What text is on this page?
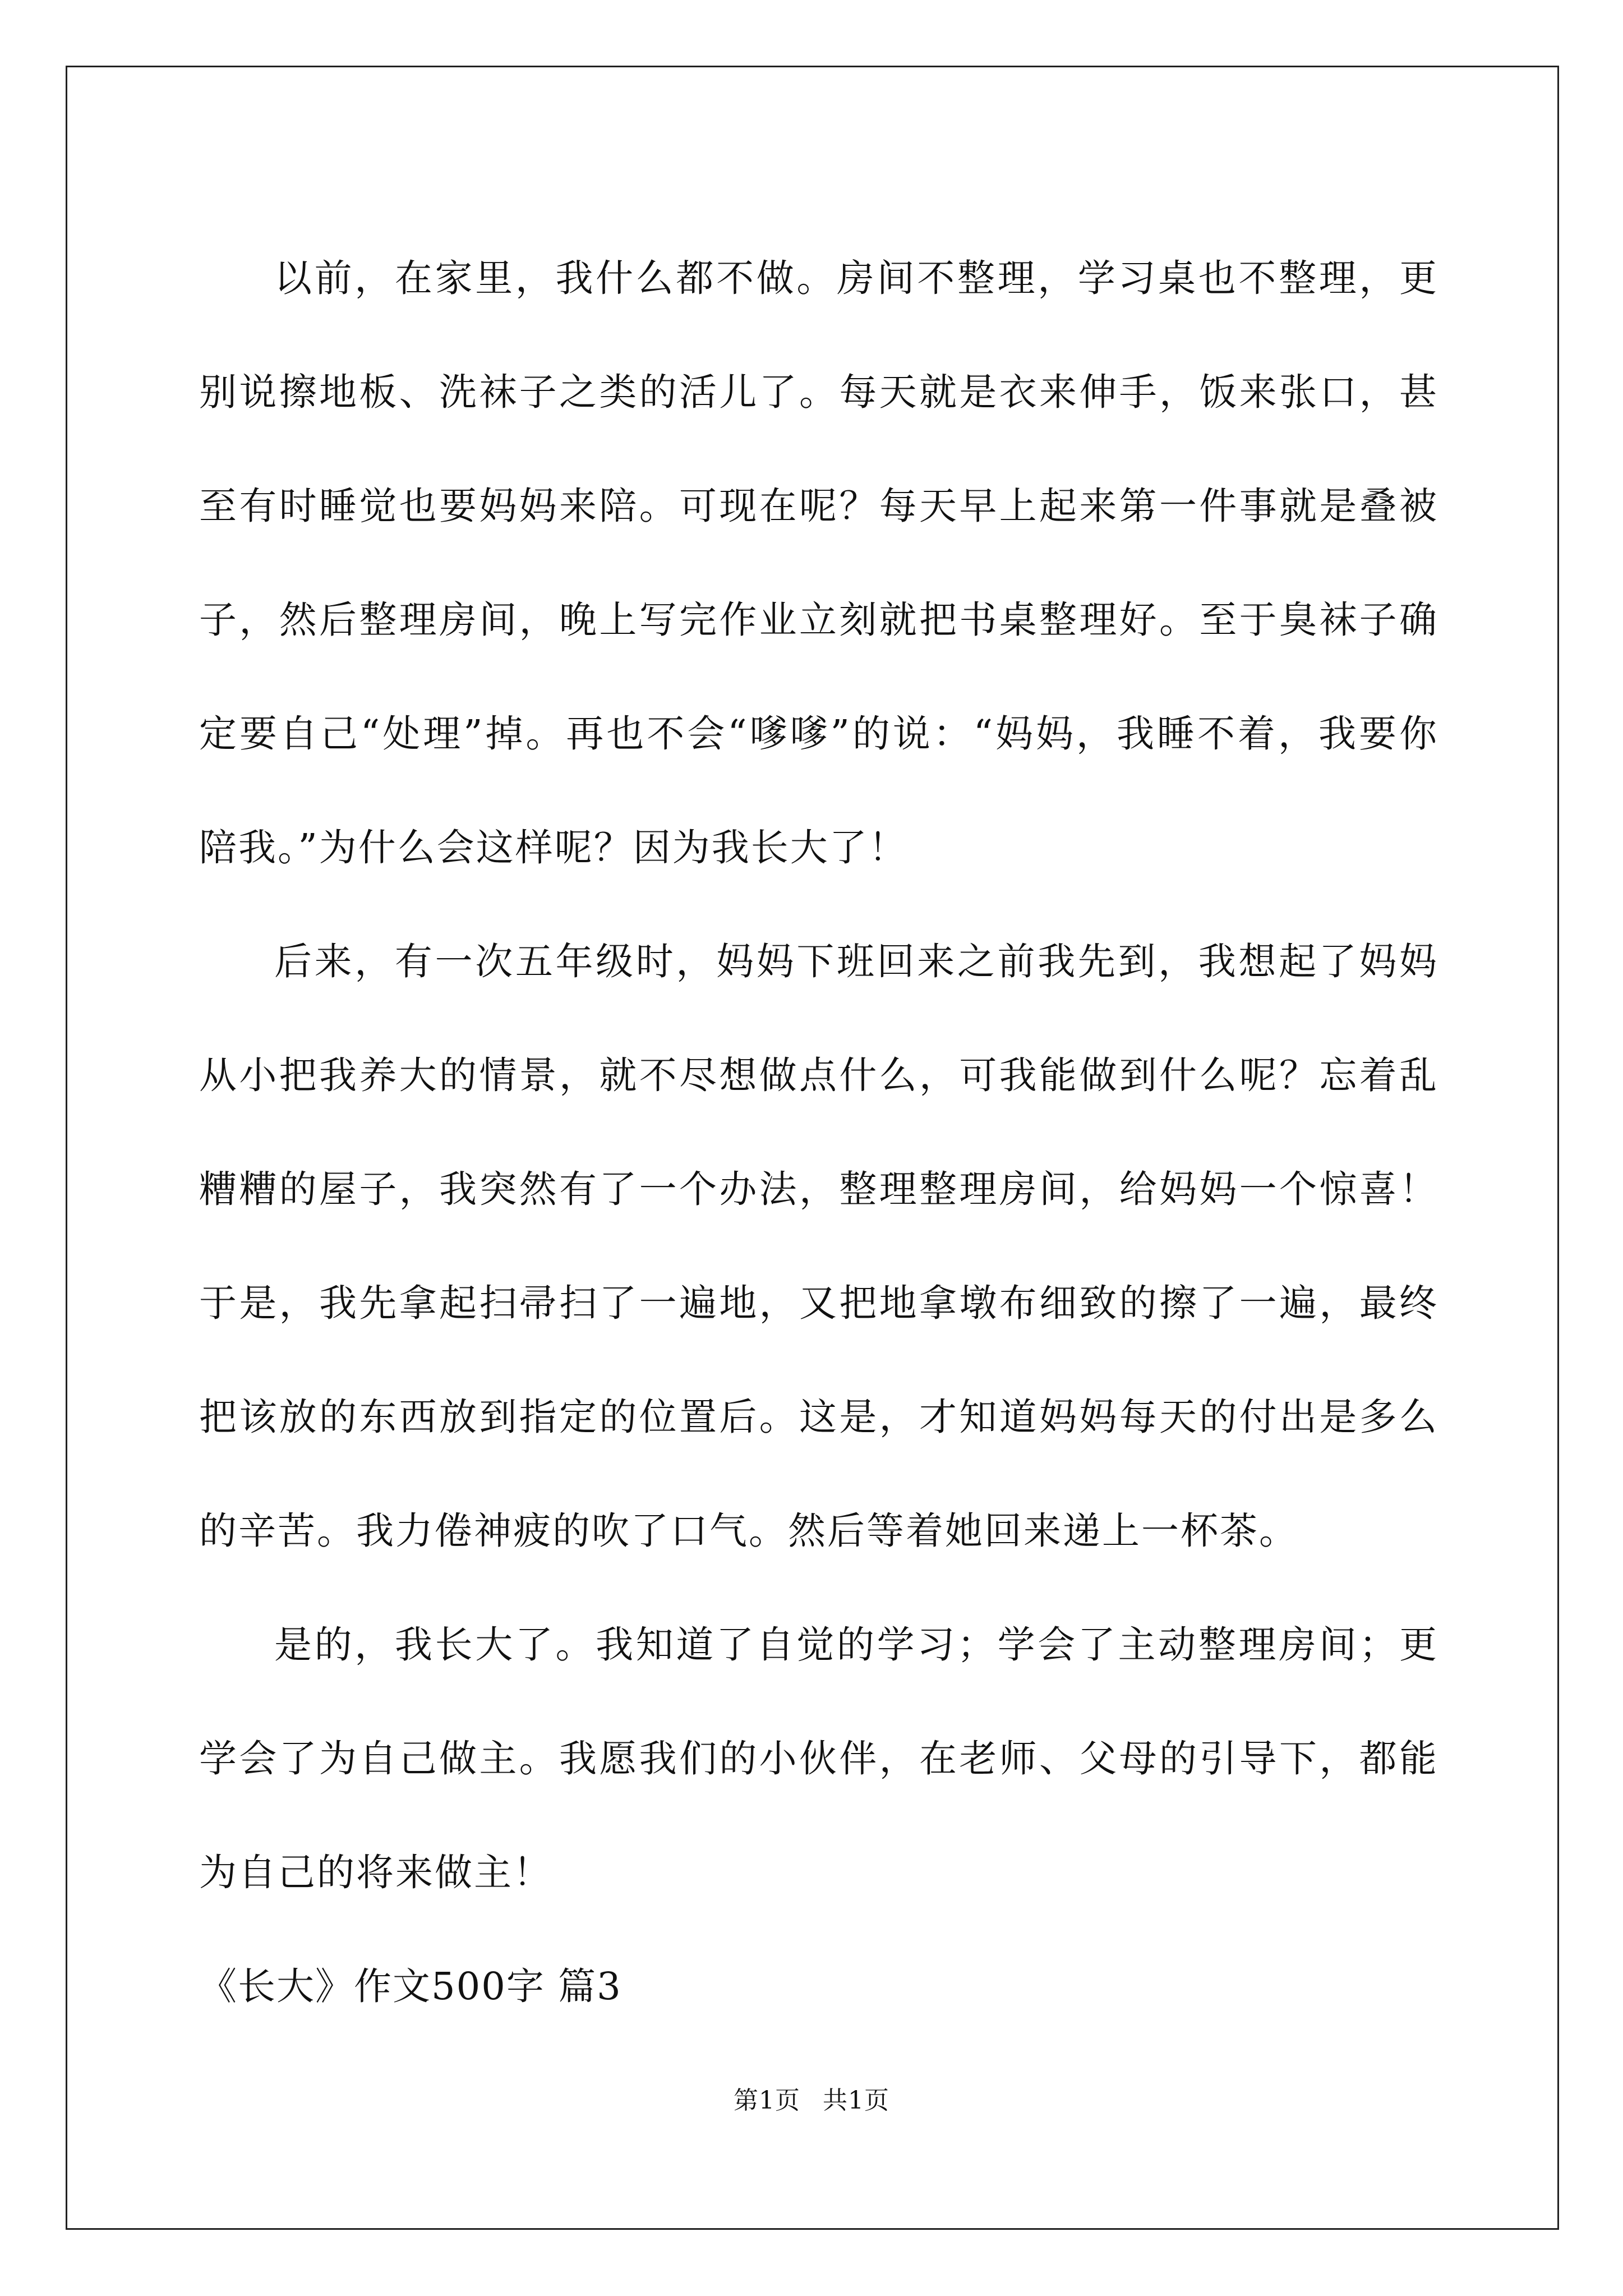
以前，在家里，我什么都不做。房间不整理，学习桌也不整理，更别说擦地板、洗袜子之类的活儿了。每天就是衣来伸手，饭来张口，甚至有时睡觉也要妈妈来陪。可现在呢？每天早上起来第一件事就是叠被子，然后整理房间，晚上写完作业立刻就把书桌整理好。至于臭袜子确定要自己“处理”掉。再也不会“嗲嗲”的说：“妈妈，我睡不着，我要你陪我。”为什么会这样呢？因为我长大了！

后来，有一次五年级时，妈妈下班回来之前我先到，我想起了妈妈从小把我养大的情景，就不尽想做点什么，可我能做到什么呢？忘着乱糟糟的屋子，我突然有了一个办法，整理整理房间，给妈妈一个惊喜！于是，我先拿起扫帚扫了一遍地，又把地拿墩布细致的擦了一遍，最终把该放的东西放到指定的位置后。这是，才知道妈妈每天的付出是多么的辛苦。我力倦神疲的吹了口气。然后等着她回来递上一杯茶。

是的，我长大了。我知道了自觉的学习；学会了主动整理房间；更学会了为自己做主。我愿我们的小伙伴，在老师、父母的引导下，都能为自己的将来做主！

《长大》作文500字 篇3

第1页 共1页
